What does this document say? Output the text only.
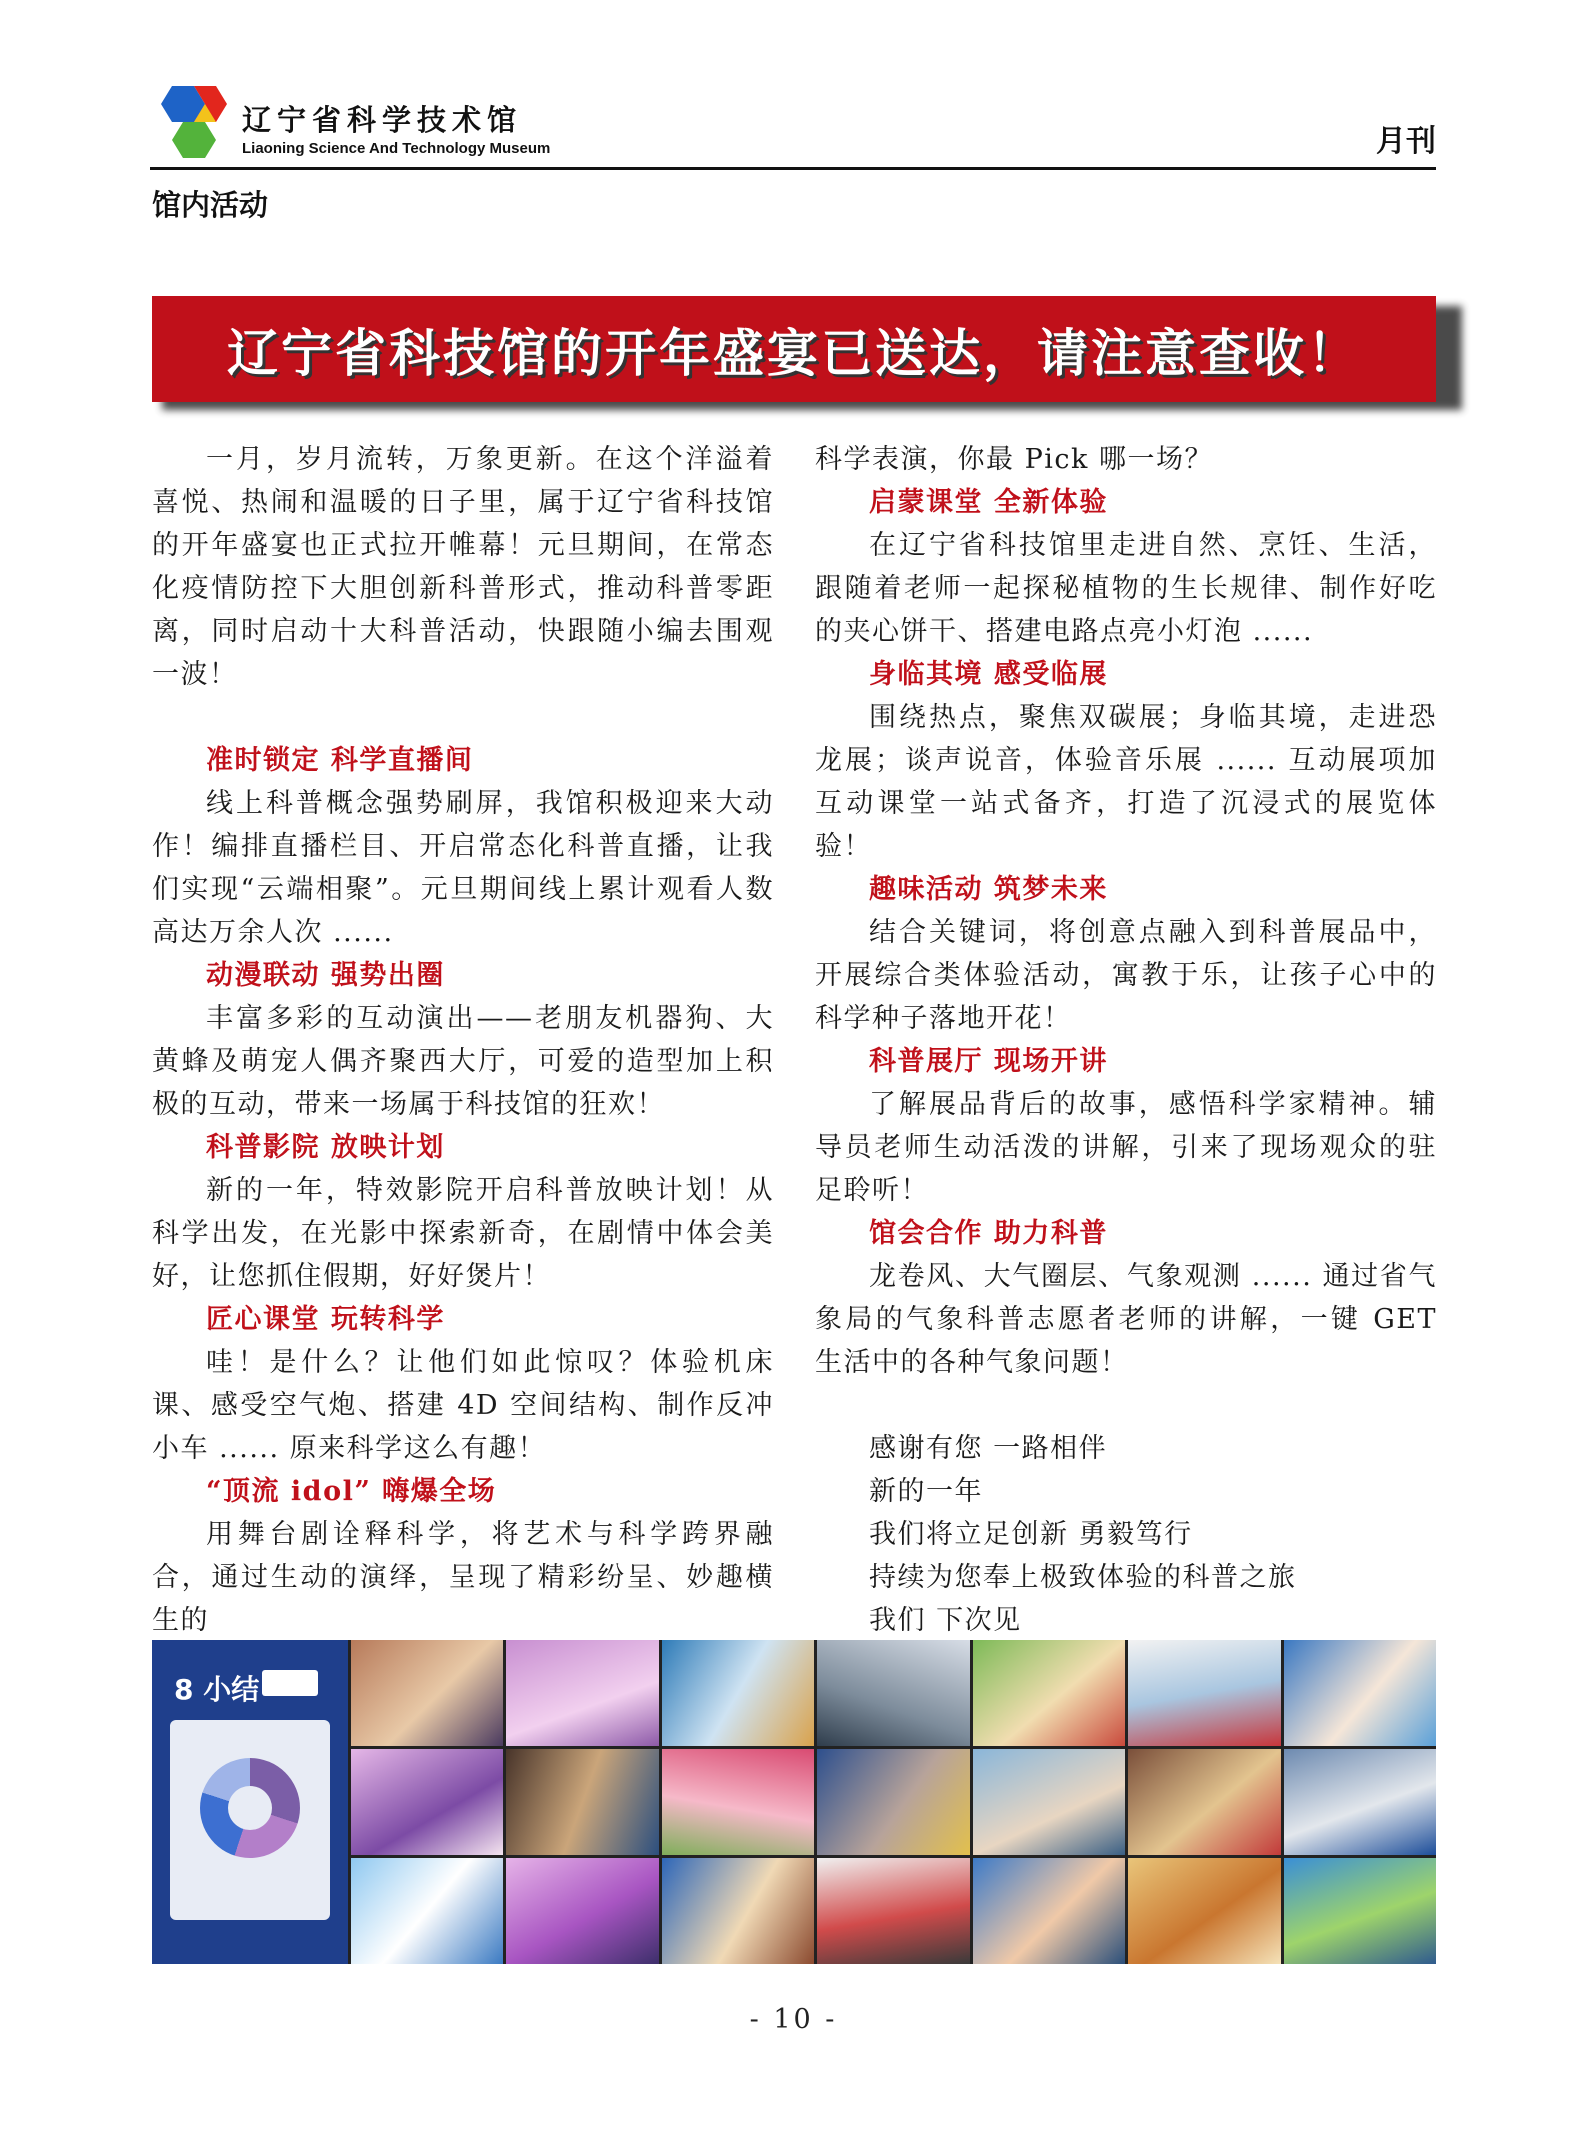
辽宁省科学技术馆
Liaoning Science And Technology Museum	月刊
馆内活动
辽宁省科技馆的开年盛宴已送达，请注意查收！

一月，岁月流转，万象更新。在这个洋溢着喜悦、热闹和温暖的日子里，属于辽宁省科技馆的开年盛宴也正式拉开帷幕！元旦期间，在常态化疫情防控下大胆创新科普形式，推动科普零距离，同时启动十大科普活动，快跟随小编去围观一波！

准时锁定 科学直播间

线上科普概念强势刷屏，我馆积极迎来大动作！编排直播栏目、开启常态化科普直播，让我们实现“云端相聚”。元旦期间线上累计观看人数高达万余人次 ......

动漫联动 强势出圈

丰富多彩的互动演出——老朋友机器狗、大黄蜂及萌宠人偶齐聚西大厅，可爱的造型加上积极的互动，带来一场属于科技馆的狂欢！

科普影院 放映计划

新的一年，特效影院开启科普放映计划！从科学出发，在光影中探索新奇，在剧情中体会美好，让您抓住假期，好好煲片！

匠心课堂 玩转科学

哇！是什么？让他们如此惊叹？体验机床课、感受空气炮、搭建 4D 空间结构、制作反冲小车 ...... 原来科学这么有趣！

“顶流 idol” 嗨爆全场

用舞台剧诠释科学，将艺术与科学跨界融合，通过生动的演绎，呈现了精彩纷呈、妙趣横生的

科学表演，你最 Pick 哪一场？

启蒙课堂 全新体验

在辽宁省科技馆里走进自然、烹饪、生活，跟随着老师一起探秘植物的生长规律、制作好吃的夹心饼干、搭建电路点亮小灯泡 ......

身临其境 感受临展

围绕热点，聚焦双碳展；身临其境，走进恐龙展；谈声说音，体验音乐展 ...... 互动展项加互动课堂一站式备齐，打造了沉浸式的展览体验！

趣味活动 筑梦未来

结合关键词，将创意点融入到科普展品中，开展综合类体验活动，寓教于乐，让孩子心中的科学种子落地开花！

科普展厅 现场开讲

了解展品背后的故事，感悟科学家精神。辅导员老师生动活泼的讲解，引来了现场观众的驻足聆听！

馆会合作 助力科普

龙卷风、大气圈层、气象观测 ...... 通过省气象局的气象科普志愿者老师的讲解，一键 GET 生活中的各种气象问题！

感谢有您 一路相伴

新的一年

我们将立足创新 勇毅笃行

持续为您奉上极致体验的科普之旅

我们 下次见

8 小结
- 10 -
